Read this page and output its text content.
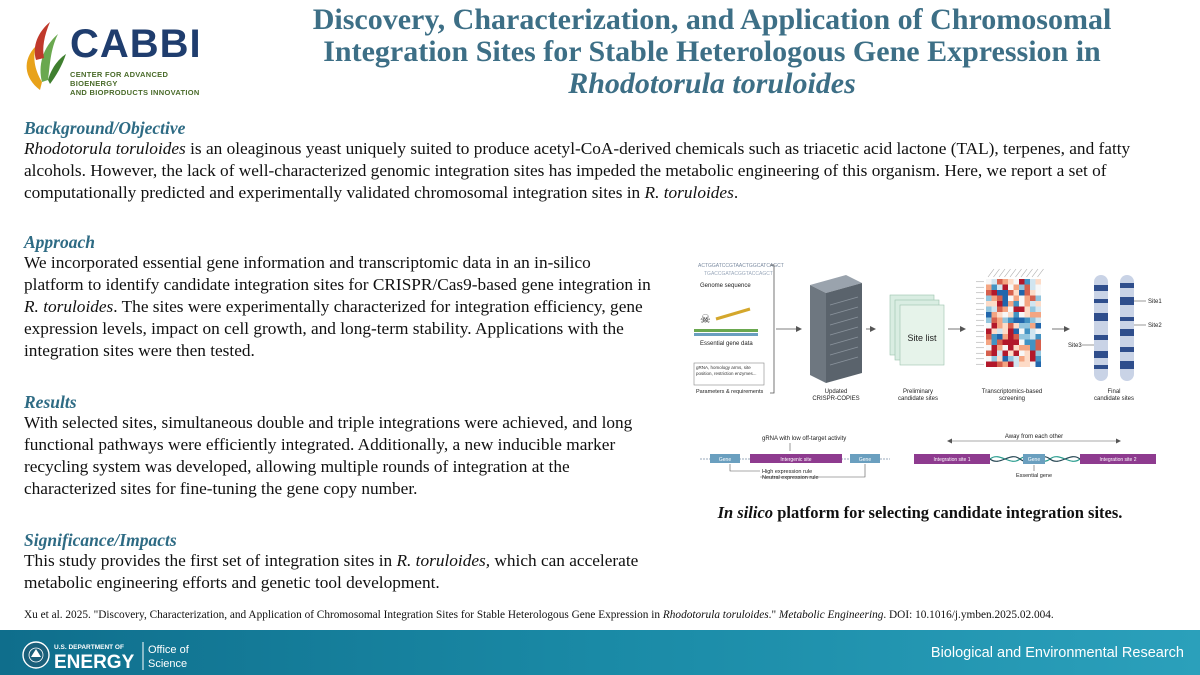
CABBI
CENTER FOR ADVANCED BIOENERGY
AND BIOPRODUCTS INNOVATION
Discovery, Characterization, and Application of Chromosomal
Integration Sites for Stable Heterologous Gene Expression in
Rhodotorula toruloides
Background/Objective
Rhodotorula toruloides is an oleaginous yeast uniquely suited to produce acetyl-CoA-derived chemicals such as triacetic acid lactone (TAL), terpenes, and fatty alcohols. However, the lack of well-characterized genomic integration sites has impeded the metabolic engineering of this organism. Here, we report a set of computationally predicted and experimentally validated chromosomal integration sites in R. toruloides.
Approach
We incorporated essential gene information and transcriptomic data in an in-silico platform to identify candidate integration sites for CRISPR/Cas9-based gene integration in R. toruloides. The sites were experimentally characterized for integration efficiency, gene expression levels, impact on cell growth, and long-term stability. Applications with the integration sites were then tested.
Results
With selected sites, simultaneous double and triple integrations were achieved, and long functional pathways were efficiently integrated. Additionally, a new inducible marker recycling system was developed, allowing multiple rounds of integration at the characterized sites for fine-tuning the gene copy number.
Significance/Impacts
This study provides the first set of integration sites in R. toruloides, which can accelerate metabolic engineering efforts and genetic tool development.
ACTGGATCCGTAACTGGCATCAGCT
TGACCGATACGGTACCAGCT
Genome sequence
☠
Essential gene data
gRNA, homology arms, site position, restriction enzymes...
Parameters & requirements	Updated
CRISPR-COPIES
Site list
Preliminary
candidate sites
Transcriptomics-based
screening
Site1
Site2
Site3
Final
candidate sites
gRNA with low off-target activity
Gene	Intergenic site	Gene
High expression rule
Neutral expression rule
Away from each other
Integration site 1	Gene	Integration site 2
Essential gene
In silico platform for selecting candidate integration sites.
Xu et al. 2025. "Discovery, Characterization, and Application of Chromosomal Integration Sites for Stable Heterologous Gene Expression in Rhodotorula toruloides." Metabolic Engineering. DOI: 10.1016/j.ymben.2025.02.004.
U.S. DEPARTMENT OF
ENERGY
Office of
Science
Biological and Environmental Research
